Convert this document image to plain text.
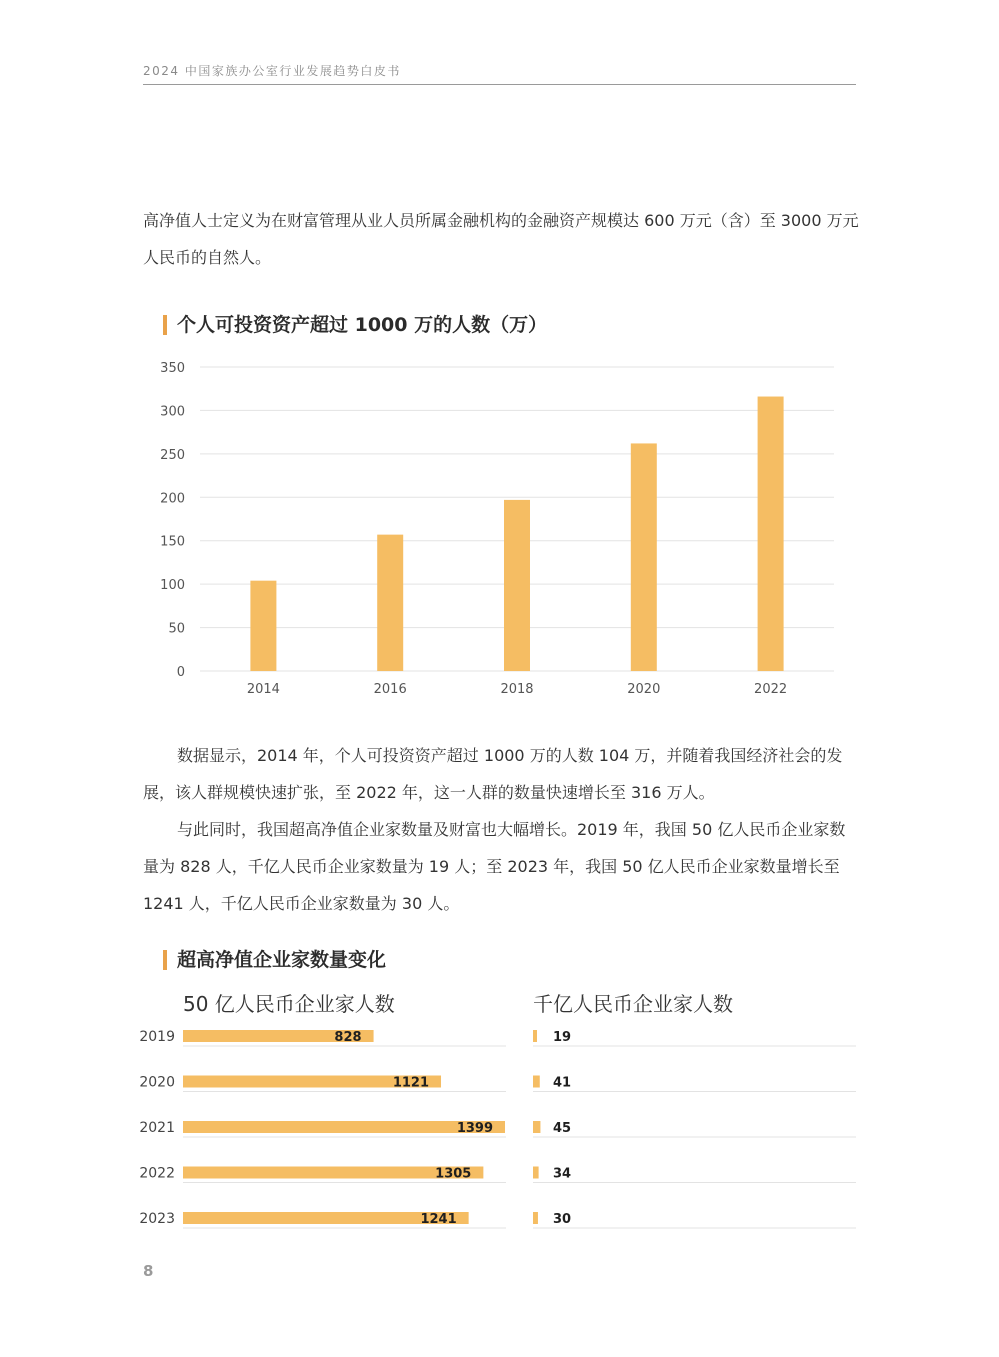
2024 中国家族办公室行业发展趋势白皮书

高净值人士定义为在财富管理从业人员所属金融机构的金融资产规模达 600 万元（含）至 3000 万元人民币的自然人。

个人可投资资产超过 1000 万的人数（万）
0
50
100
150
200
250
300
350
2014	2016	2018	2020	2022

数据显示，2014 年，个人可投资资产超过 1000 万的人数 104 万，并随着我国经济社会的发展，该人群规模快速扩张，至 2022 年，这一人群的数量快速增长至 316 万人。

与此同时，我国超高净值企业家数量及财富也大幅增长。2019 年，我国 50 亿人民币企业家数量为 828 人，千亿人民币企业家数量为 19 人；至 2023 年，我国 50 亿人民币企业家数量增长至 1241 人，千亿人民币企业家数量为 30 人。

超高净值企业家数量变化
50 亿人民币企业家人数	千亿人民币企业家人数
2019	828	19
2020	1121	41
2021	1399	45
2022	1305	34
2023	1241	30
8
